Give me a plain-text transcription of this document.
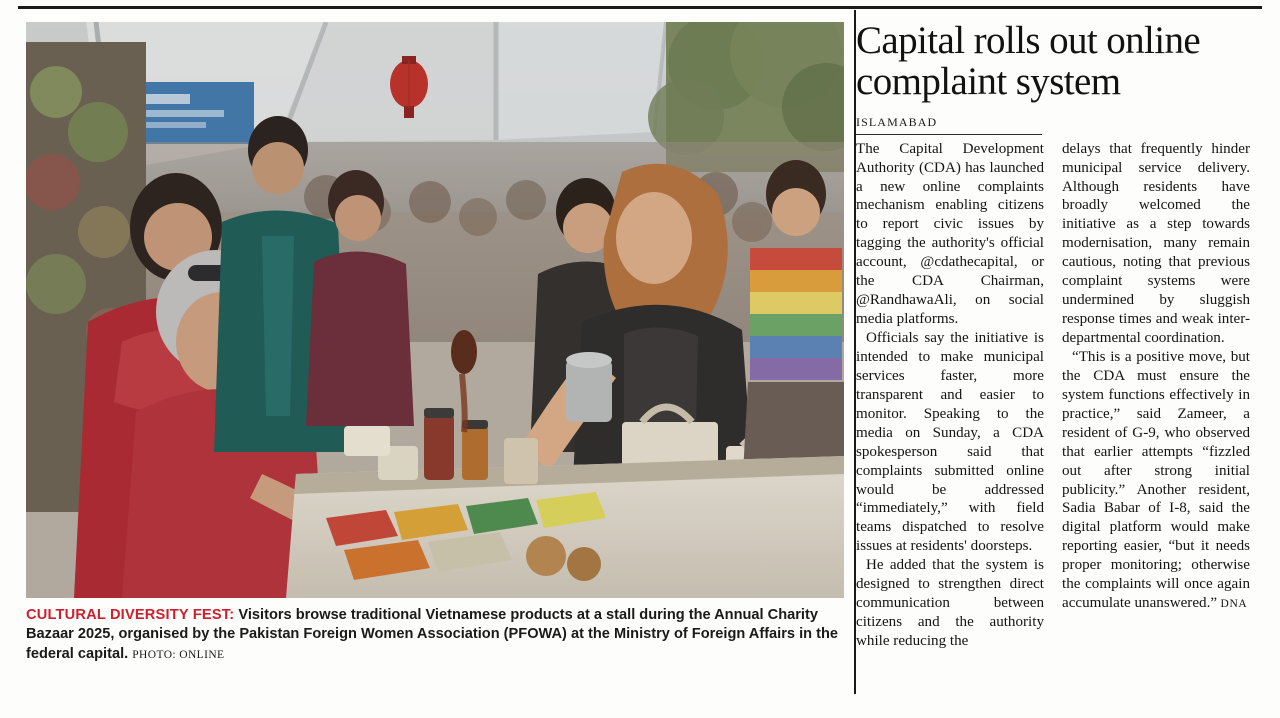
CULTURAL DIVERSITY FEST: Visitors browse traditional Vietnamese products at a stall during the Annual Charity Bazaar 2025, organised by the Pakistan Foreign Women Association (PFOWA) at the Ministry of Foreign Affairs in the federal capital. PHOTO: ONLINE
Capital rolls out online complaint system
ISLAMABAD

The Capital Development Authority (CDA) has launched a new online complaints mechanism enabling citizens to report civic issues by tagging the authority's official account, @cdathecapital, or the CDA Chairman, @RandhawaAli, on social media platforms.

Officials say the initiative is intended to make municipal services faster, more transparent and easier to monitor. Speaking to the media on Sunday, a CDA spokesperson said that complaints submitted online would be addressed “immediately,” with field teams dispatched to resolve issues at residents' doorsteps.

He added that the system is designed to strengthen direct communication between citizens and the authority while reducing the

delays that frequently hinder municipal service delivery. Although residents have broadly welcomed the initiative as a step towards modernisation, many remain cautious, noting that previous complaint systems were undermined by sluggish response times and weak inter-departmental coordination.

“This is a positive move, but the CDA must ensure the system functions effectively in practice,” said Zameer, a resident of G-9, who observed that earlier attempts “fizzled out after strong initial publicity.” Another resident, Sadia Babar of I-8, said the digital platform would make reporting easier, “but it needs proper monitoring; otherwise the complaints will once again accumulate unanswered.” DNA
